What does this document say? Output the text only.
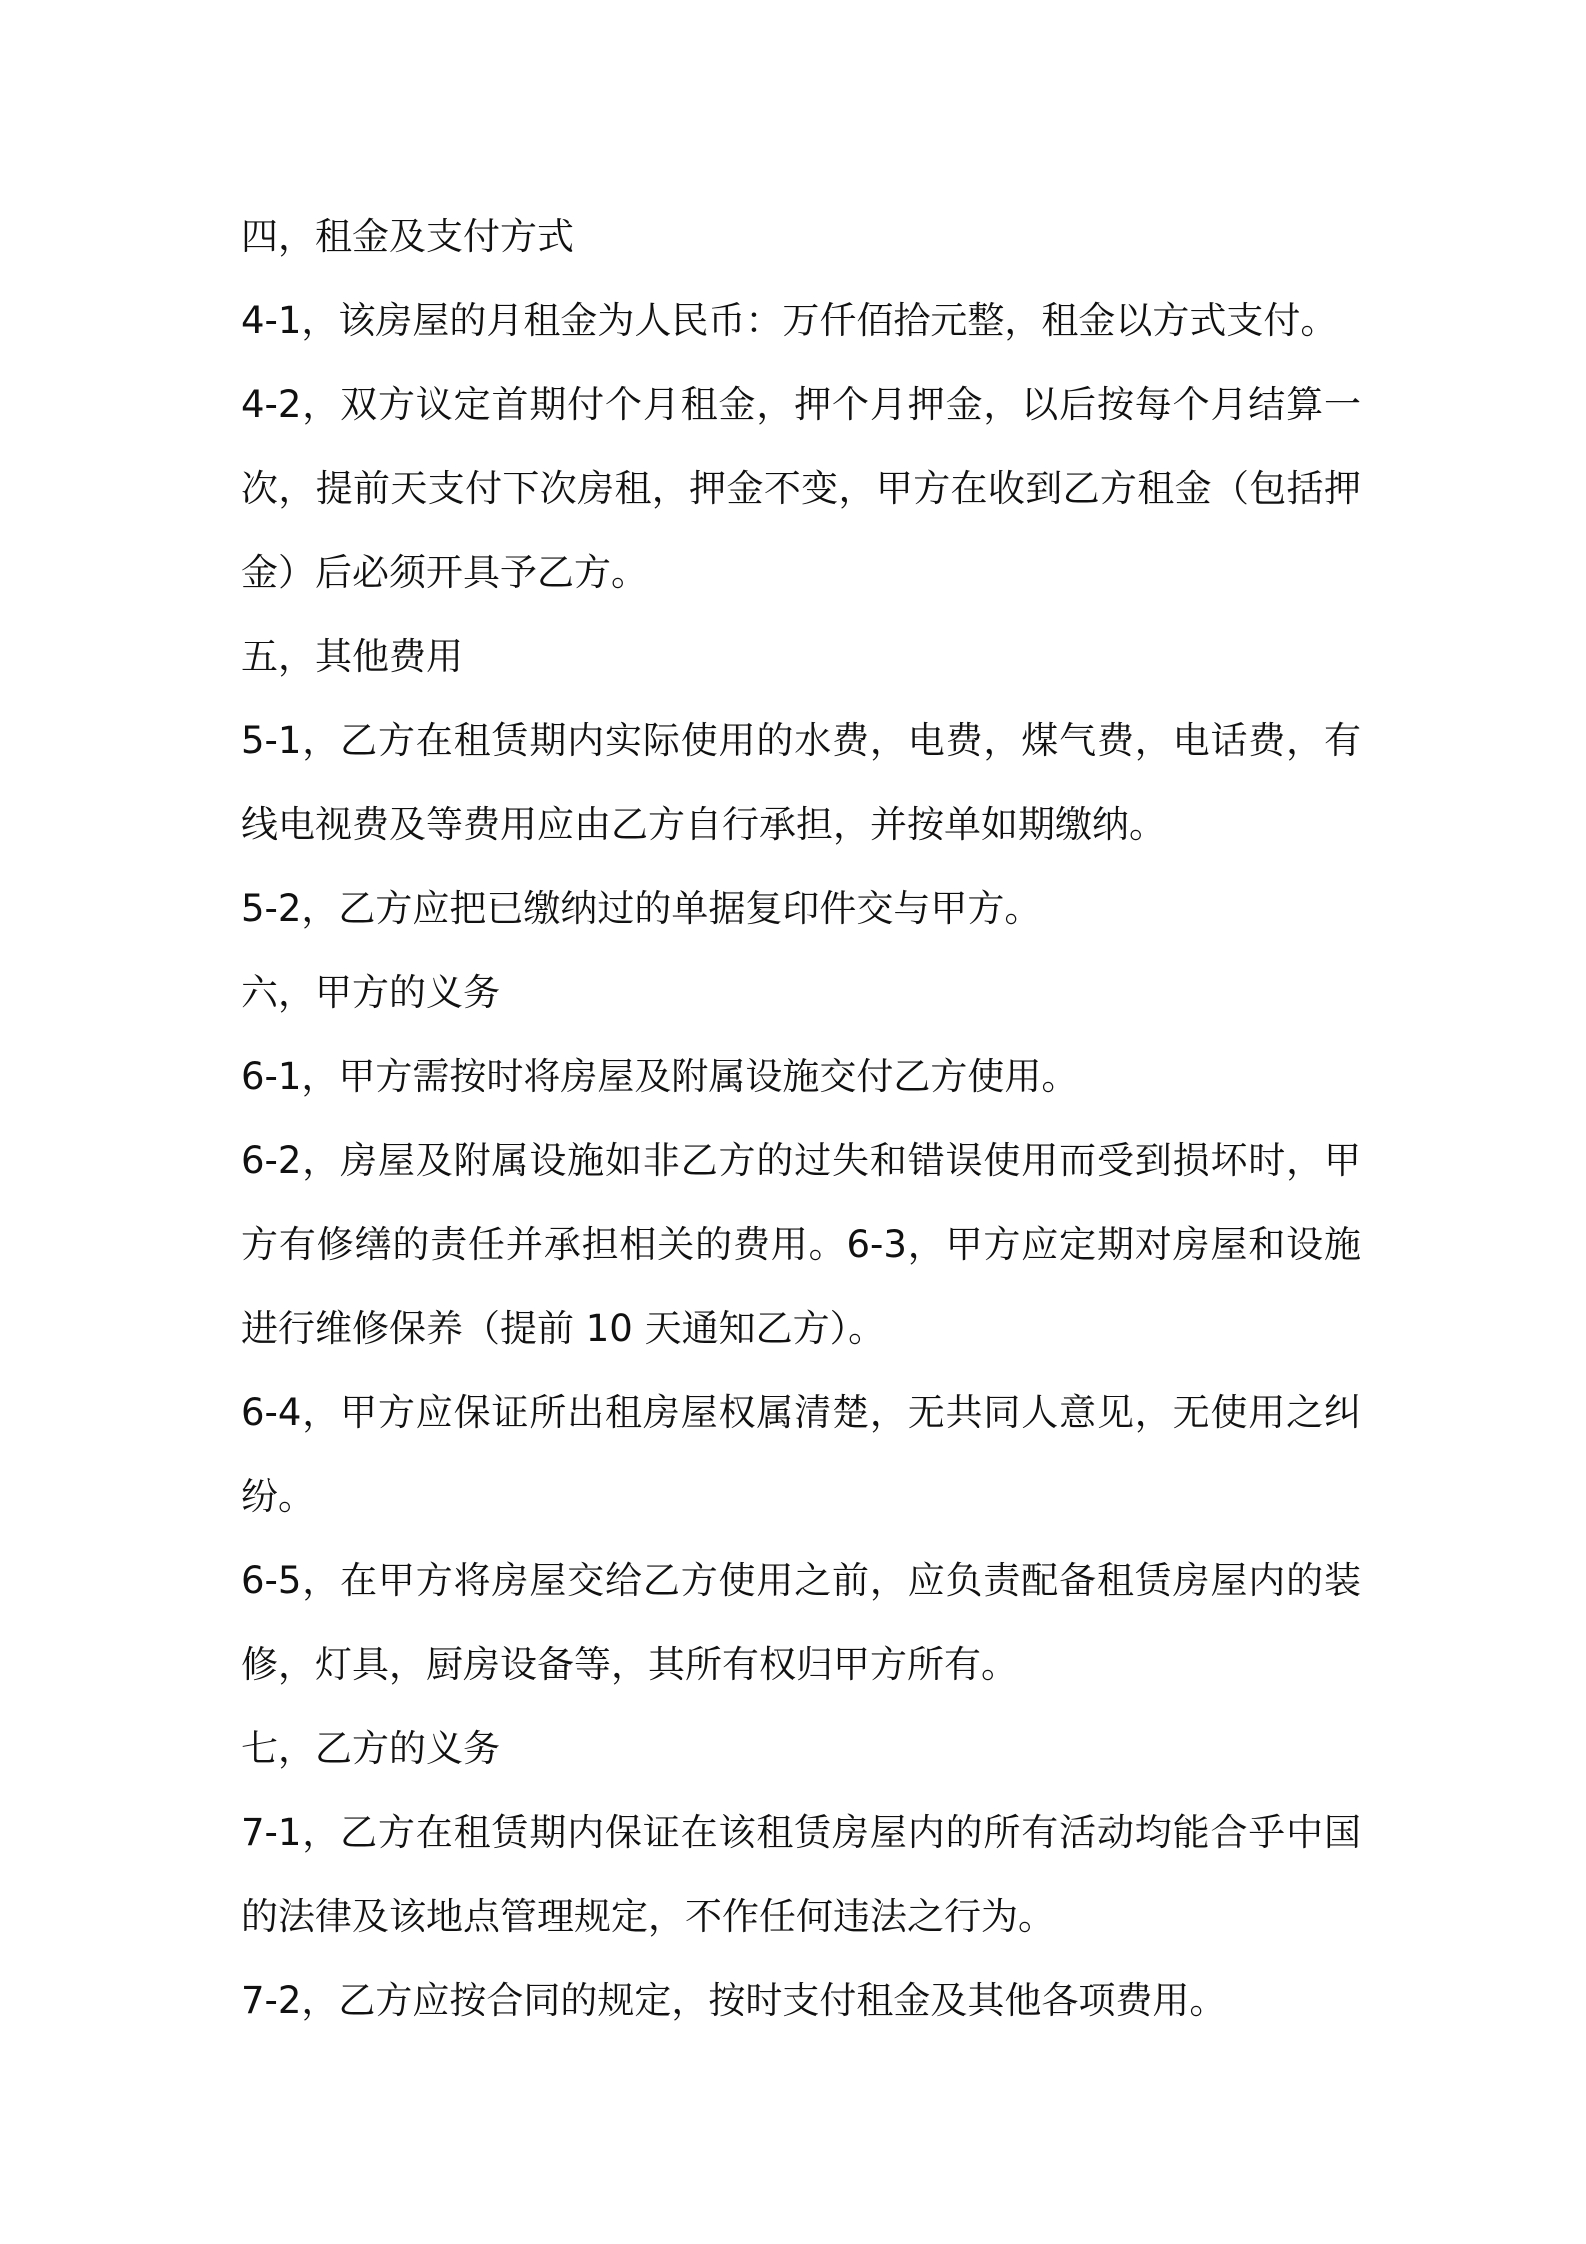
四，租金及支付方式
4-1，该房屋的月租金为人民币：万仟佰拾元整，租金以方式支付。
4-2，双方议定首期付个月租金，押个月押金，以后按每个月结算一
次，提前天支付下次房租，押金不变，甲方在收到乙方租金（包括押
金）后必须开具予乙方。
五，其他费用
5-1，乙方在租赁期内实际使用的水费，电费，煤气费，电话费，有
线电视费及等费用应由乙方自行承担，并按单如期缴纳。
5-2，乙方应把已缴纳过的单据复印件交与甲方。
六，甲方的义务
6-1，甲方需按时将房屋及附属设施交付乙方使用。
6-2，房屋及附属设施如非乙方的过失和错误使用而受到损坏时，甲
方有修缮的责任并承担相关的费用。6-3，甲方应定期对房屋和设施
进行维修保养（提前 10 天通知乙方）。
6-4，甲方应保证所出租房屋权属清楚，无共同人意见，无使用之纠
纷。
6-5，在甲方将房屋交给乙方使用之前，应负责配备租赁房屋内的装
修，灯具，厨房设备等，其所有权归甲方所有。
七，乙方的义务
7-1，乙方在租赁期内保证在该租赁房屋内的所有活动均能合乎中国
的法律及该地点管理规定，不作任何违法之行为。
7-2，乙方应按合同的规定，按时支付租金及其他各项费用。
